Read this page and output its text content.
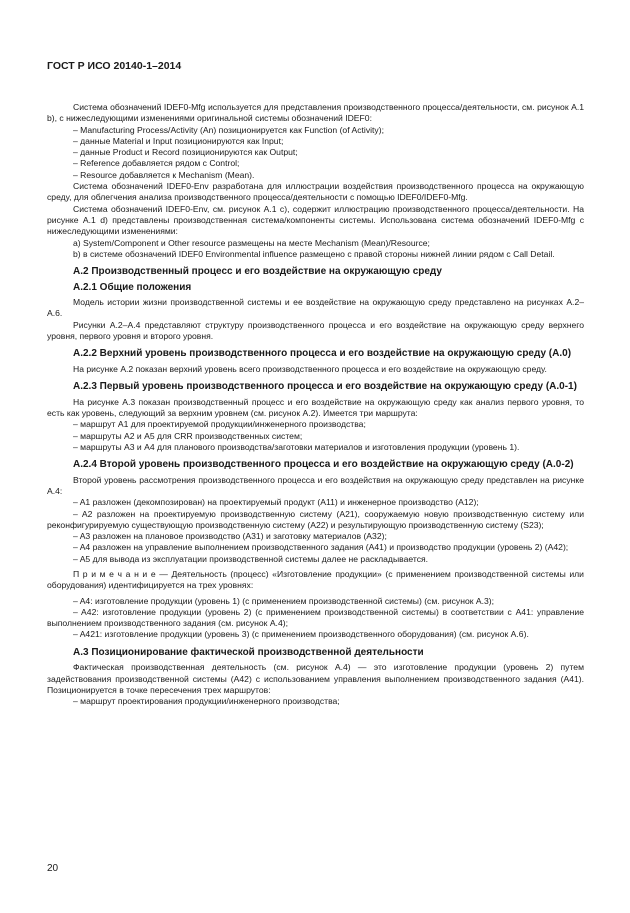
ГОСТ Р ИСО 20140-1–2014

Система обозначений IDEF0-Mfg используется для представления производственного процесса/деятельности, см. рисунок A.1 b), с нижеследующими изменениями оригинальной системы обозначений IDEF0:

– Manufacturing Process/Activity (An) позиционируется как Function (of Activity);

– данные Material и Input позиционируются как Input;

– данные Product и Record позиционируются как Output;

– Reference добавляется рядом с Control;

– Resource добавляется к Mechanism (Mean).

Система обозначений IDEF0-Env разработана для иллюстрации воздействия производственного процесса на окружающую среду, для облегчения анализа производственного процесса/деятельности с помощью IDEF0/IDEF0-Mfg.

Система обозначений IDEF0-Env, см. рисунок A.1 c), содержит иллюстрацию производственного процесса/деятельности. На рисунке A.1 d) представлены производственная система/компоненты системы. Использована система обозначений IDEF0-Mfg с нижеследующими изменениями:

a) System/Component и Other resource размещены на месте Mechanism (Mean)/Resource;

b) в системе обозначений IDEF0 Environmental influence размещено с правой стороны нижней линии рядом с Call Detail.

A.2 Производственный процесс и его воздействие на окружающую среду
A.2.1 Общие положения

Модель истории жизни производственной системы и ее воздействие на окружающую среду представлено на рисунках A.2–A.6.

Рисунки A.2–A.4 представляют структуру производственного процесса и его воздействие на окружающую среду верхнего уровня, первого уровня и второго уровня.

A.2.2 Верхний уровень производственного процесса и его воздействие на окружающую среду (A.0)

На рисунке A.2 показан верхний уровень всего производственного процесса и его воздействие на окружающую среду.

A.2.3 Первый уровень производственного процесса и его воздействие на окружающую среду (A.0-1)

На рисунке A.3 показан производственный процесс и его воздействие на окружающую среду как анализ первого уровня, то есть как уровень, следующий за верхним уровнем (см. рисунок A.2). Имеется три маршрута:

– маршрут A1 для проектируемой продукции/инженерного производства;

– маршруты A2 и A5 для CRR производственных систем;

– маршруты A3 и A4 для планового производства/заготовки материалов и изготовления продукции (уровень 1).

A.2.4 Второй уровень производственного процесса и его воздействие на окружающую среду (A.0-2)

Второй уровень рассмотрения производственного процесса и его воздействия на окружающую среду представлен на рисунке A.4:

– A1 разложен (декомпозирован) на проектируемый продукт (A11) и инженерное производство (A12);

– A2 разложен на проектируемую производственную систему (A21), сооружаемую новую производственную систему или реконфигурируемую существующую производственную систему (A22) и результирующую производственную систему (S23);

– A3 разложен на плановое производство (A31) и заготовку материалов (A32);

– A4 разложен на управление выполнением производственного задания (A41) и производство продукции (уровень 2) (A42);

– A5 для вывода из эксплуатации производственной системы далее не раскладывается.

П р и м е ч а н и е — Деятельность (процесс) «Изготовление продукции» (с применением производственной системы или оборудования) идентифицируется на трех уровнях:

– A4: изготовление продукции (уровень 1) (с применением производственной системы) (см. рисунок A.3);

– A42: изготовление продукции (уровень 2) (с применением производственной системы) в соответствии с A41: управление выполнением производственного задания (см. рисунок A.4);

– A421: изготовление продукции (уровень 3) (с применением производственного оборудования) (см. рисунок A.6).

A.3 Позиционирование фактической производственной деятельности

Фактическая производственная деятельность (см. рисунок A.4) — это изготовление продукции (уровень 2) путем задействования производственной системы (A42) с использованием управления выполнением производственного задания (A41). Позиционируется в точке пересечения трех маршрутов:

– маршрут проектирования продукции/инженерного производства;

20
